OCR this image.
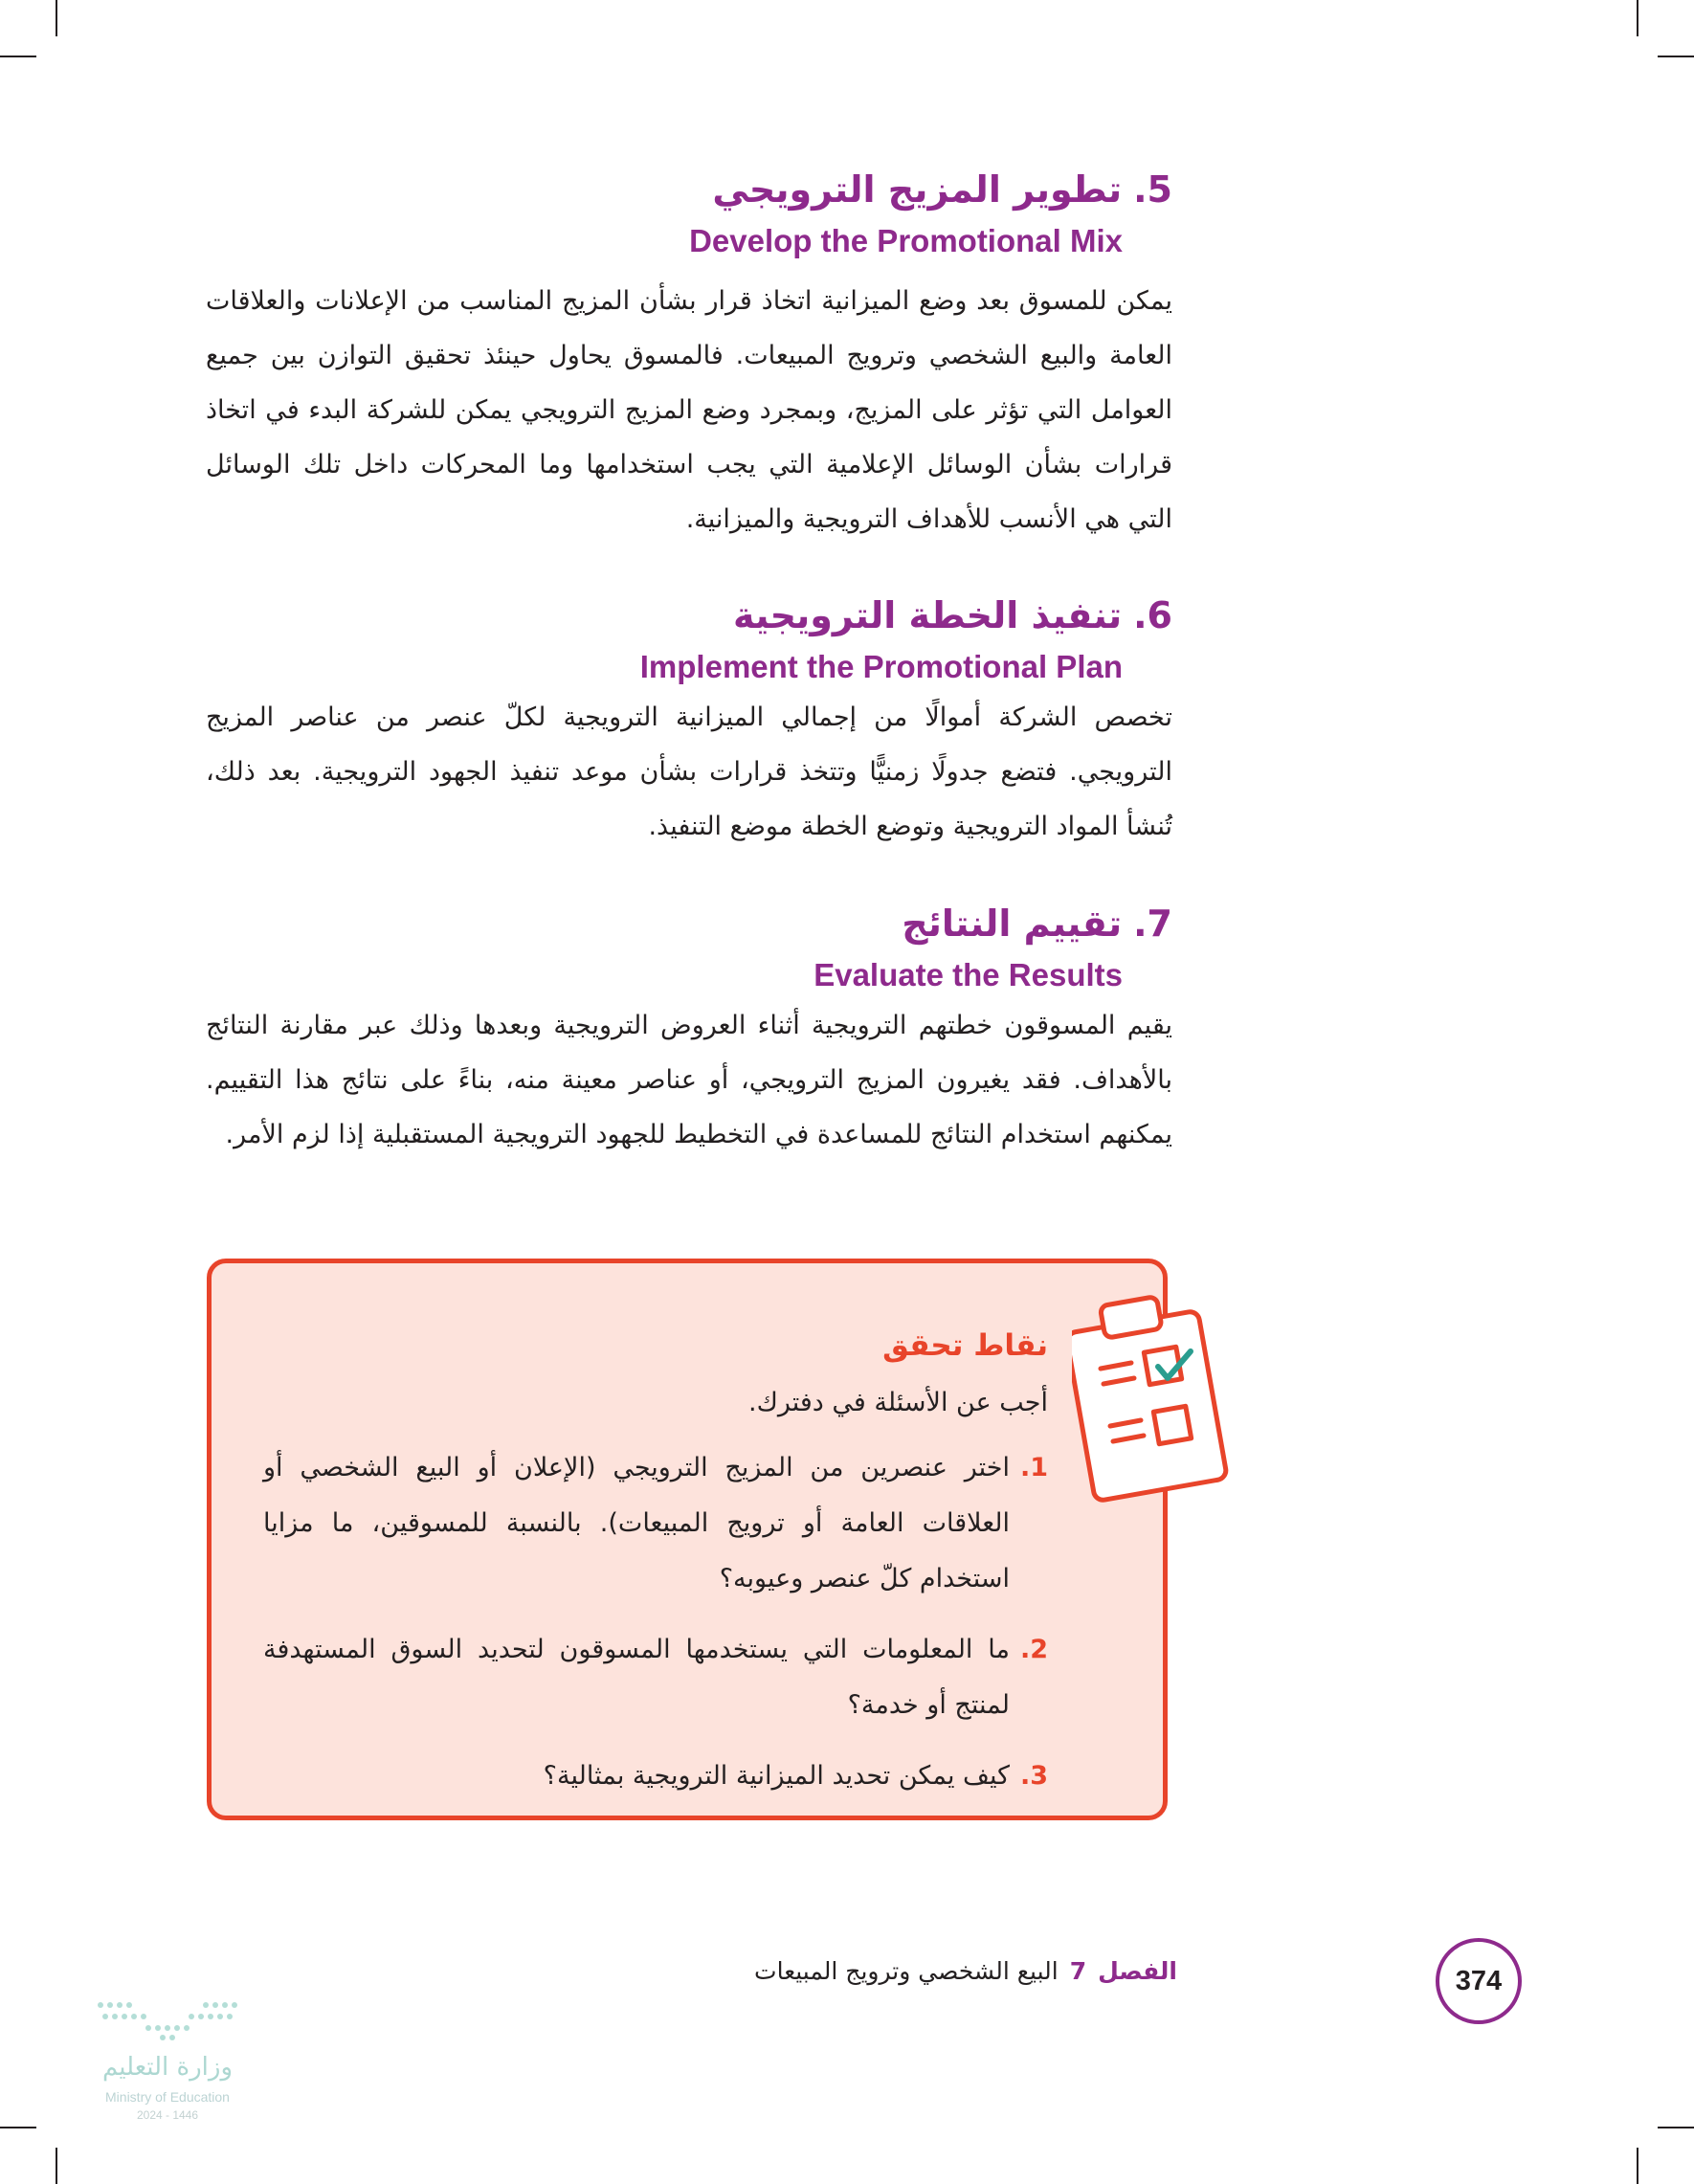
5.تطوير المزيج الترويجي
Develop the Promotional Mix

يمكن للمسوق بعد وضع الميزانية اتخاذ قرار بشأن المزيج المناسب من الإعلانات والعلاقات العامة والبيع الشخصي وترويج المبيعات. فالمسوق يحاول حينئذ تحقيق التوازن بين جميع العوامل التي تؤثر على المزيج، وبمجرد وضع المزيج الترويجي يمكن للشركة البدء في اتخاذ قرارات بشأن الوسائل الإعلامية التي يجب استخدامها وما المحركات داخل تلك الوسائل التي هي الأنسب للأهداف الترويجية والميزانية.

6.تنفيذ الخطة الترويجية
Implement the Promotional Plan

تخصص الشركة أموالًا من إجمالي الميزانية الترويجية لكلّ عنصر من عناصر المزيج الترويجي. فتضع جدولًا زمنيًّا وتتخذ قرارات بشأن موعد تنفيذ الجهود الترويجية. بعد ذلك، تُنشأ المواد الترويجية وتوضع الخطة موضع التنفيذ.

7.تقييم النتائج
Evaluate the Results

يقيم المسوقون خطتهم الترويجية أثناء العروض الترويجية وبعدها وذلك عبر مقارنة النتائج بالأهداف. فقد يغيرون المزيج الترويجي، أو عناصر معينة منه، بناءً على نتائج هذا التقييم. يمكنهم استخدام النتائج للمساعدة في التخطيط للجهود الترويجية المستقبلية إذا لزم الأمر.

نقاط تحقق
أجب عن الأسئلة في دفترك.
1.
اختر عنصرين من المزيج الترويجي (الإعلان أو البيع الشخصي أو العلاقات العامة أو ترويج المبيعات). بالنسبة للمسوقين، ما مزايا استخدام كلّ عنصر وعيوبه؟
2.
ما المعلومات التي يستخدمها المسوقون لتحديد السوق المستهدفة لمنتج أو خدمة؟
3.
كيف يمكن تحديد الميزانية الترويجية بمثالية؟
374
الفصل7البيع الشخصي وترويج المبيعات
وزارة التعليم
Ministry of Education
2024 - 1446
